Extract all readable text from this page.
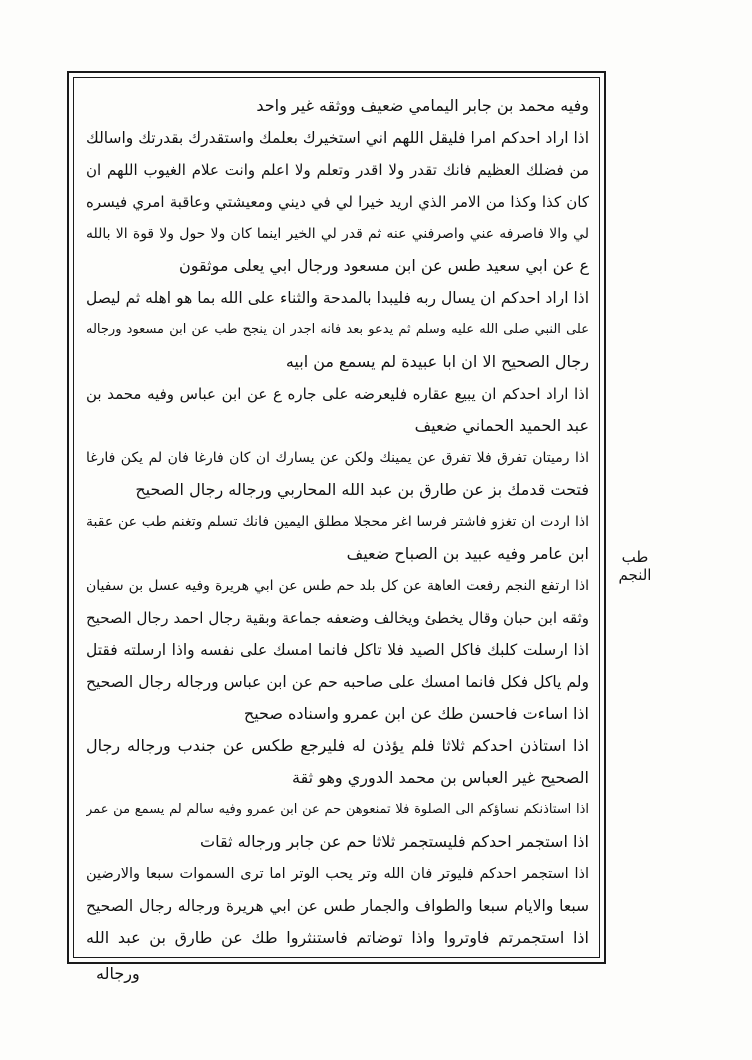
وفيه محمد بن جابر اليمامي ضعيف ووثقه غير واحد
اذا اراد احدكم امرا فليقل اللهم اني استخيرك بعلمك واستقدرك بقدرتك واسالك
من فضلك العظيم فانك تقدر ولا اقدر وتعلم ولا اعلم وانت علام الغيوب اللهم ان
كان كذا وكذا من الامر الذي اريد خيرا لي في ديني ومعيشتي وعاقبة امري فيسره
لي والا فاصرفه عني واصرفني عنه ثم قدر لي الخير اينما كان ولا حول ولا قوة الا بالله
ع عن ابي سعيد طس عن ابن مسعود ورجال ابي يعلى موثقون
اذا اراد احدكم ان يسال ربه فليبدا بالمدحة والثناء على الله بما هو اهله ثم ليصل
على النبي صلى الله عليه وسلم ثم يدعو بعد فانه اجدر ان ينجح طب عن ابن مسعود ورجاله
رجال الصحيح الا ان ابا عبيدة لم يسمع من ابيه
اذا اراد احدكم ان يبيع عقاره فليعرضه على جاره ع عن ابن عباس وفيه محمد بن
عبد الحميد الحماني ضعيف
اذا رميتان تفرق فلا تفرق عن يمينك ولكن عن يسارك ان كان فارغا فان لم يكن فارغا
فتحت قدمك بز عن طارق بن عبد الله المحاربي ورجاله رجال الصحيح
اذا اردت ان تغزو فاشتر فرسا اغر محجلا مطلق اليمين فانك تسلم وتغنم طب عن عقبة
ابن عامر وفيه عبيد بن الصباح ضعيف
اذا ارتفع النجم رفعت العاهة عن كل بلد حم طس عن ابي هريرة وفيه عسل بن سفيان
وثقه ابن حبان وقال يخطئ ويخالف وضعفه جماعة وبقية رجال احمد رجال الصحيح
اذا ارسلت كلبك فاكل الصيد فلا تاكل فانما امسك على نفسه واذا ارسلته فقتل
ولم ياكل فكل فانما امسك على صاحبه حم عن ابن عباس ورجاله رجال الصحيح
اذا اساءت فاحسن طك عن ابن عمرو واسناده صحيح
اذا استاذن احدكم ثلاثا فلم يؤذن له فليرجع طكس عن جندب ورجاله رجال
الصحيح غير العباس بن محمد الدوري وهو ثقة
اذا استاذنكم نساؤكم الى الصلوة فلا تمنعوهن حم عن ابن عمرو وفيه سالم لم يسمع من عمر
اذا استجمر احدكم فليستجمر ثلاثا حم عن جابر ورجاله ثقات
اذا استجمر احدكم فليوتر فان الله وتر يحب الوتر اما ترى السموات سبعا والارضين
سبعا والايام سبعا والطواف والجمار طس عن ابي هريرة ورجاله رجال الصحيح
اذا استجمرتم فاوتروا واذا توضاتم فاستنثروا طك عن طارق بن عبد الله
طب النجم
ورجاله
